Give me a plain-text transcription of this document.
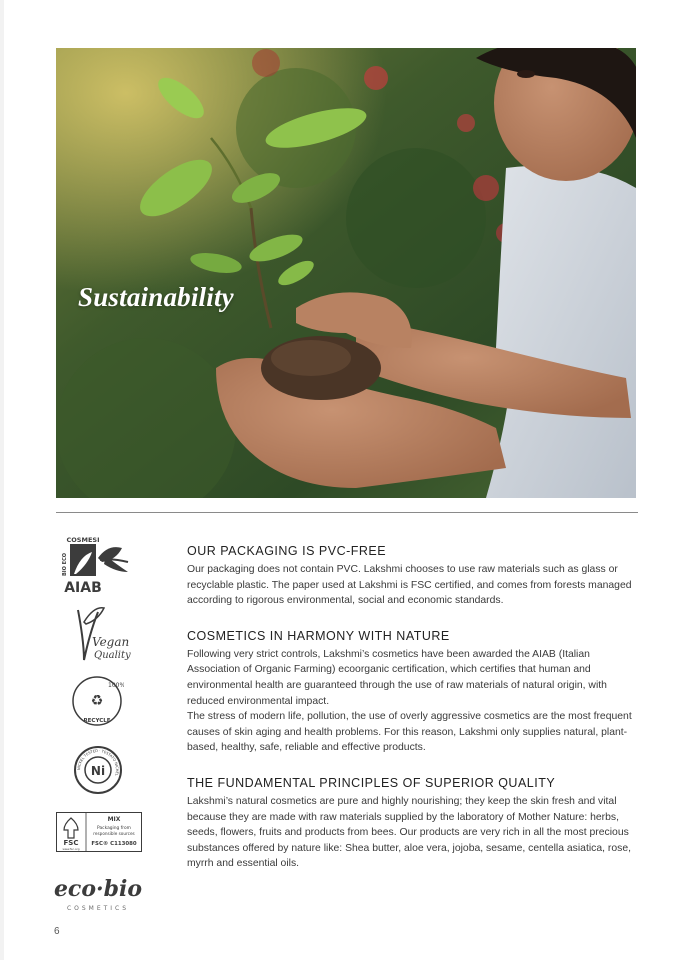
Sustainability
COSMESI
BIO ECO
AIAB
Vegan
Quality
100%
♻
RECYCLE
Ni
NICKEL TESTED · TESTATO NICHEL
FSC
www.fsc.org
MIX
Packaging from
responsible sources
FSC® C113080
eco·bio
COSMETICS
OUR PACKAGING IS PVC-FREE

Our packaging does not contain PVC. Lakshmi chooses to use raw materials such as glass or recyclable plastic. The paper used at Lakshmi is FSC certified, and comes from forests managed according to rigorous environmental, social and economic standards.

COSMETICS IN HARMONY WITH NATURE

Following very strict controls, Lakshmi’s cosmetics have been awarded the AIAB (Italian Association of Organic Farming) ecoorganic certification, which certifies that human and environmental health are guaranteed through the use of raw materials of natural origin, with reduced environmental impact.

The stress of modern life, pollution, the use of overly aggressive cosmetics are the most frequent causes of skin aging and health problems. For this reason, Lakshmi only supplies natural, plant-based, healthy, safe, reliable and effective products.

THE FUNDAMENTAL PRINCIPLES OF SUPERIOR QUALITY

Lakshmi’s natural cosmetics are pure and highly nourishing; they keep the skin fresh and vital because they are made with raw materials supplied by the laboratory of Mother Nature: herbs, seeds, flowers, fruits and products from bees. Our products are very rich in all the most precious substances offered by nature like: Shea butter, aloe vera, jojoba, sesame, centella asiatica, rose, myrrh and essential oils.

6
